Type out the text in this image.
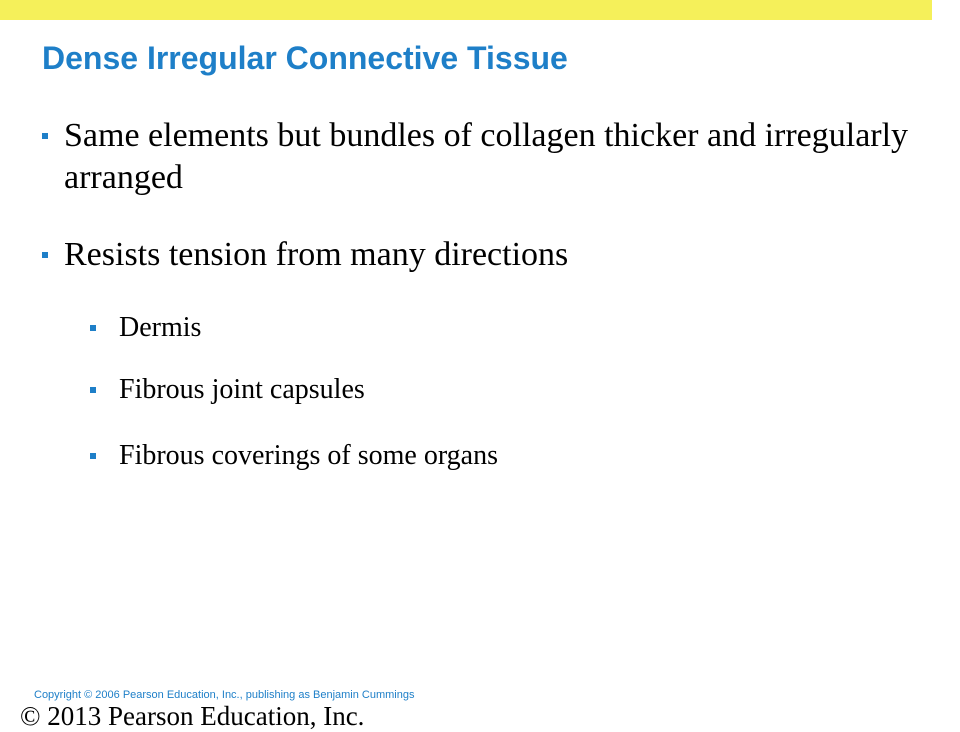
Dense Irregular Connective Tissue
Same elements but bundles of collagen thicker and irregularly arranged
Resists tension from many directions
Dermis
Fibrous joint capsules
Fibrous coverings of some organs
Copyright © 2006 Pearson Education, Inc., publishing as Benjamin Cummings
© 2013 Pearson Education, Inc.
